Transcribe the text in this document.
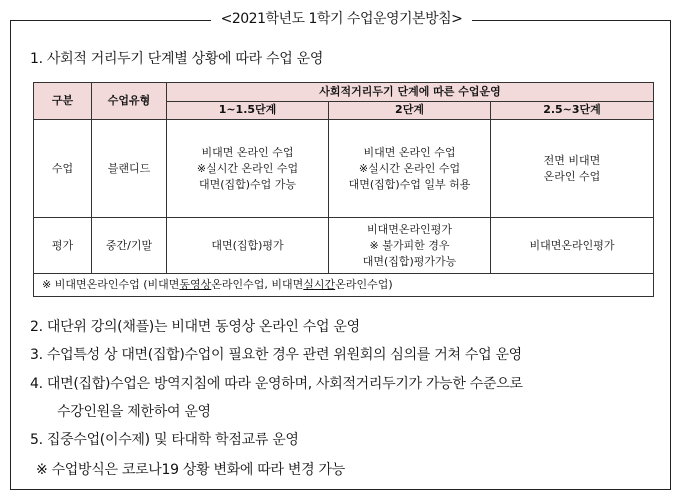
<2021학년도 1학기 수업운영기본방침>
1. 사회적 거리두기 단계별 상황에 따라 수업 운영
구분	수업유형	사회적거리두기 단계에 따른 수업운영		
		1~1.5단계	2단계	2.5~3단계
수업	블랜디드	비대면 온라인 수업
※실시간 온라인 수업
대면(집합)수업 가능	비대면 온라인 수업
※실시간 온라인 수업
대면(집합)수업 일부 허용	전면 비대면
온라인 수업
평가	중간/기말	대면(집합)평가	비대면온라인평가
※ 불가피한 경우
대면(집합)평가가능	비대면온라인평가
※ 비대면온라인수업 (비대면동영상온라인수업, 비대면실시간온라인수업)				
2. 대단위 강의(채플)는 비대면 동영상 온라인 수업 운영
3. 수업특성 상 대면(집합)수업이 필요한 경우 관련 위원회의 심의를 거쳐 수업 운영
4. 대면(집합)수업은 방역지침에 따라 운영하며, 사회적거리두기가 가능한 수준으로
수강인원을 제한하여 운영
5. 집중수업(이수제) 및 타대학 학점교류 운영
※ 수업방식은 코로나19 상황 변화에 따라 변경 가능
